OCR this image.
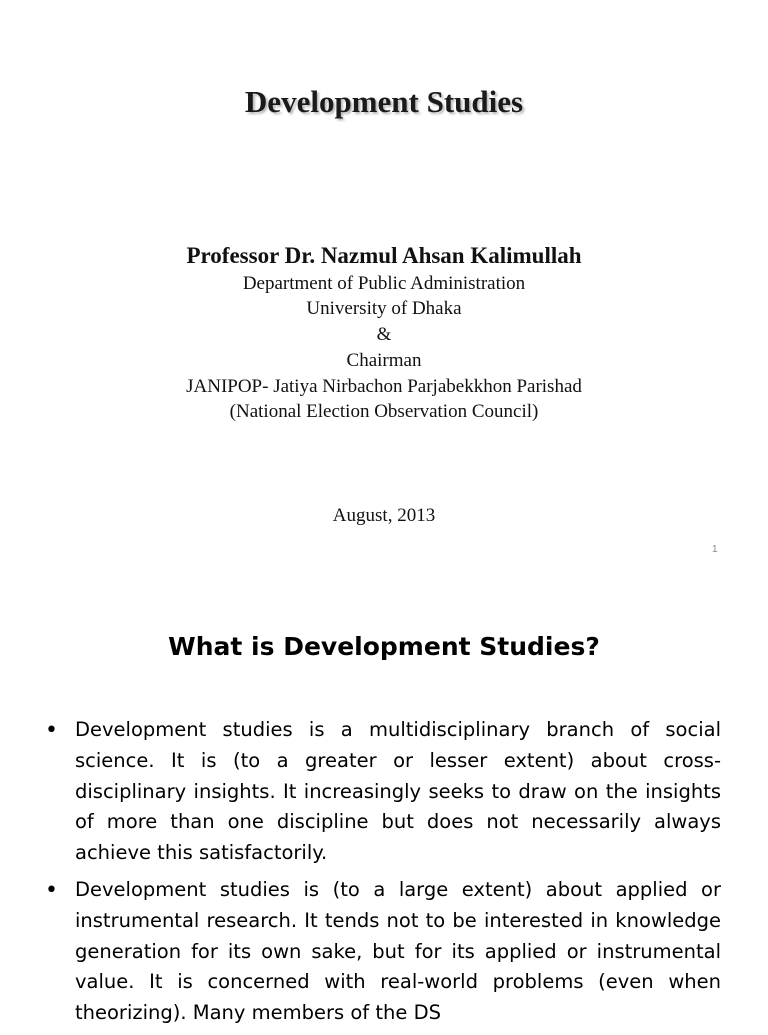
Development Studies

Professor Dr. Nazmul Ahsan Kalimullah

Department of Public Administration

University of Dhaka

&

Chairman

JANIPOP- Jatiya Nirbachon Parjabekkhon Parishad

(National Election Observation Council)

August, 2013

1

What is Development Studies?
• Development studies is a multidisciplinary branch of social science. It is (to a greater or lesser extent) about cross-disciplinary insights. It increasingly seeks to draw on the insights of more than one discipline but does not necessarily always achieve this satisfactorily.
• Development studies is (to a large extent) about applied or instrumental research. It tends not to be interested in knowledge generation for its own sake, but for its applied or instrumental value. It is concerned with real-world problems (even when theorizing). Many members of the DS
